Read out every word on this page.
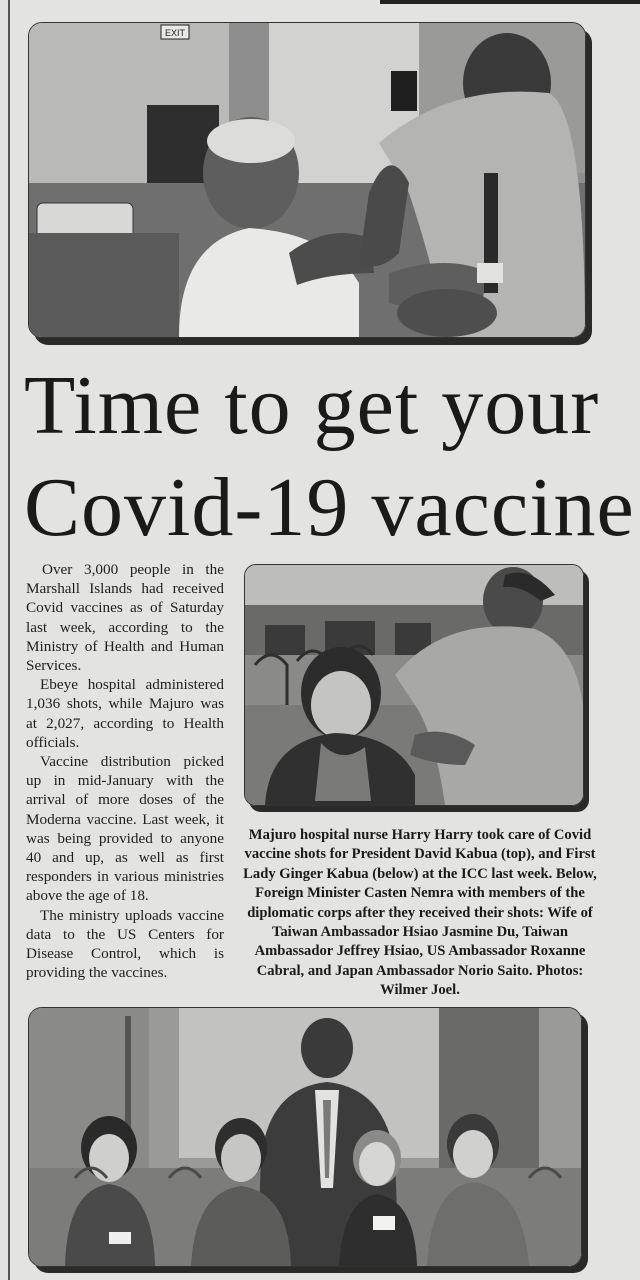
EXIT
Time to get your
Covid-19 vaccine

Over 3,000 people in the Marshall Islands had received Covid vaccines as of Saturday last week, according to the Ministry of Health and Human Services.

Ebeye hospital administered 1,036 shots, while Majuro was at 2,027, according to Health officials.

Vaccine distribution picked up in mid-January with the arrival of more doses of the Moderna vaccine. Last week, it was being provided to anyone 40 and up, as well as first responders in various ministries above the age of 18.

The ministry uploads vaccine data to the US Centers for Disease Control, which is providing the vaccines.

Majuro hospital nurse Harry Harry took care of Covid vaccine shots for President David Kabua (top), and First Lady Ginger Kabua (below) at the ICC last week. Below, Foreign Minister Casten Nemra with members of the diplomatic corps after they received their shots: Wife of Taiwan Ambassador Hsiao Jasmine Du, Taiwan Ambassador Jeffrey Hsiao, US Ambassador Roxanne Cabral, and Japan Ambassador Norio Saito. Photos: Wilmer Joel.
